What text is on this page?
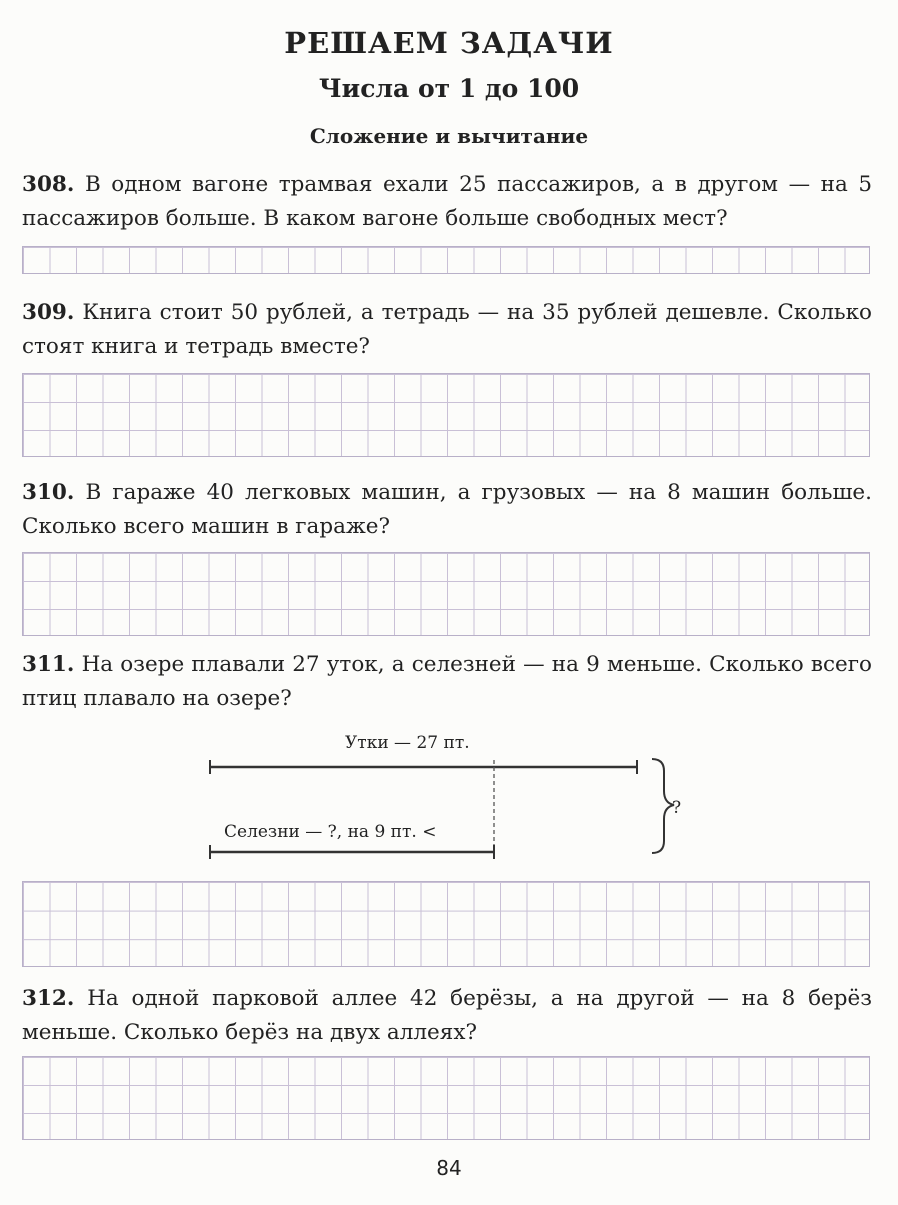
РЕШАЕМ ЗАДАЧИ
Числа от 1 до 100
Сложение и вычитание

308. В одном вагоне трамвая ехали 25 пассажиров, а в другом — на 5 пассажиров больше. В каком вагоне больше свободных мест?

309. Книга стоит 50 рублей, а тетрадь — на 35 рублей дешевле. Сколько стоят книга и тетрадь вместе?

310. В гараже 40 легковых машин, а грузовых — на 8 машин больше. Сколько всего машин в гараже?

311. На озере плавали 27 уток, а селезней — на 9 меньше. Сколько всего птиц плавало на озере?

Утки — 27 пт.
Селезни — ?, на 9 пт. <
?

312. На одной парковой аллее 42 берёзы, а на другой — на 8 берёз меньше. Сколько берёз на двух аллеях?

84
